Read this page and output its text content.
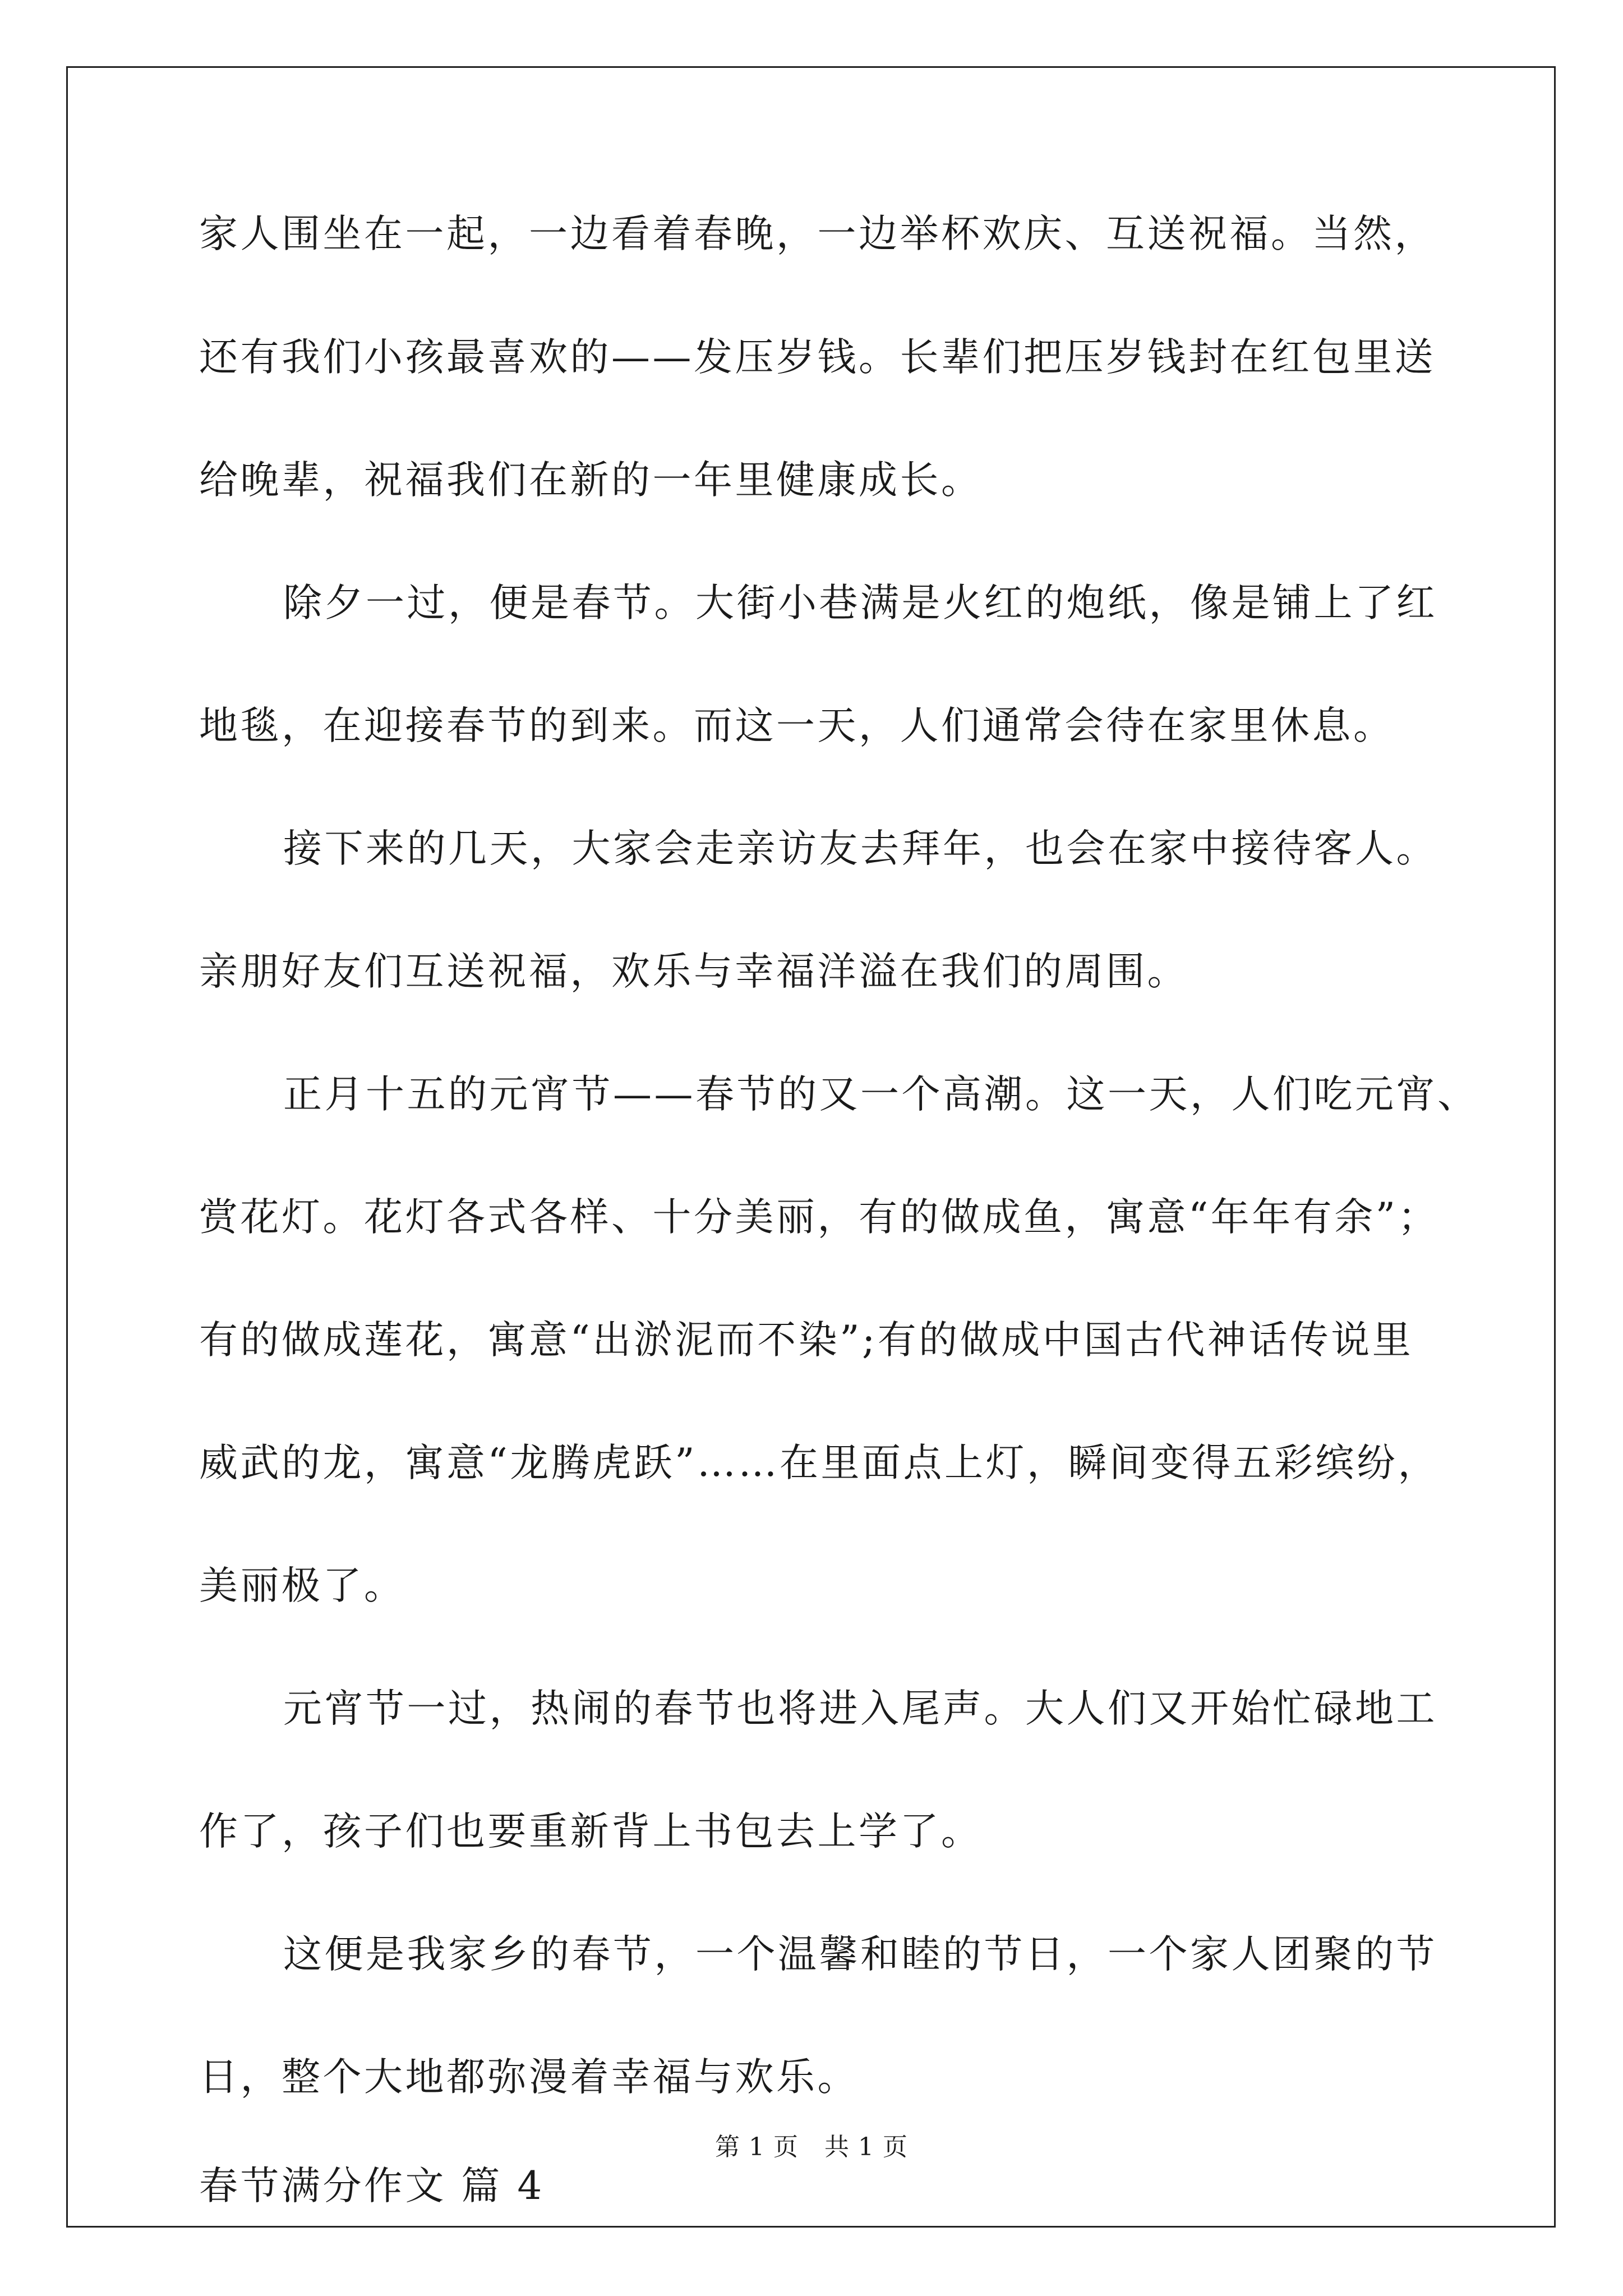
家人围坐在一起，一边看着春晚，一边举杯欢庆、互送祝福。当然，
还有我们小孩最喜欢的——发压岁钱。长辈们把压岁钱封在红包里送
给晚辈，祝福我们在新的一年里健康成长。
除夕一过，便是春节。大街小巷满是火红的炮纸，像是铺上了红
地毯，在迎接春节的到来。而这一天，人们通常会待在家里休息。
接下来的几天，大家会走亲访友去拜年，也会在家中接待客人。
亲朋好友们互送祝福，欢乐与幸福洋溢在我们的周围。
正月十五的元宵节——春节的又一个高潮。这一天，人们吃元宵、
赏花灯。花灯各式各样、十分美丽，有的做成鱼，寓意“年年有余”；
有的做成莲花，寓意“出淤泥而不染”;有的做成中国古代神话传说里
威武的龙，寓意“龙腾虎跃”……在里面点上灯，瞬间变得五彩缤纷，
美丽极了。
元宵节一过，热闹的春节也将进入尾声。大人们又开始忙碌地工
作了，孩子们也要重新背上书包去上学了。
这便是我家乡的春节，一个温馨和睦的节日，一个家人团聚的节
日，整个大地都弥漫着幸福与欢乐。
春节满分作文 篇 4
第 1 页 共 1 页
